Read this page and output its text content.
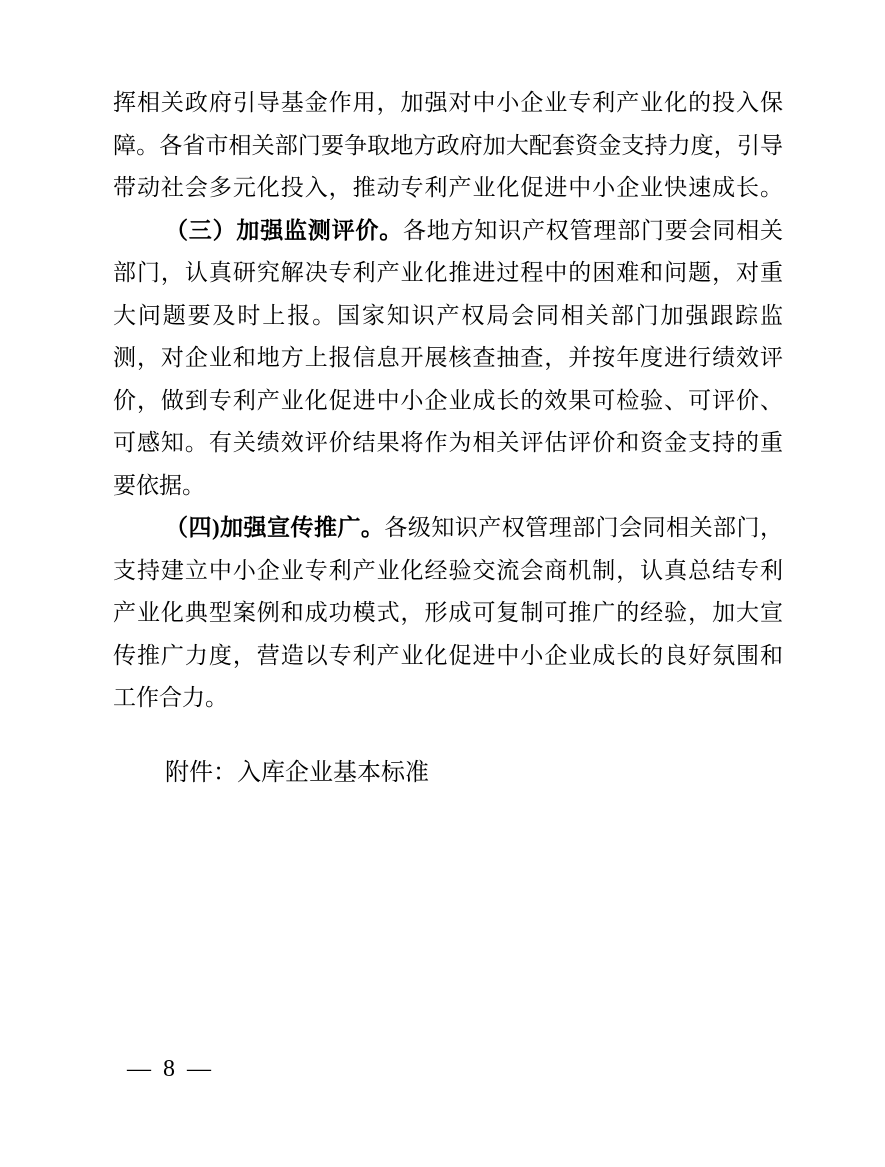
挥相关政府引导基金作用，加强对中小企业专利产业化的投入保
障。各省市相关部门要争取地方政府加大配套资金支持力度，引导
带动社会多元化投入，推动专利产业化促进中小企业快速成长。
（三）加强监测评价。各地方知识产权管理部门要会同相关
部门，认真研究解决专利产业化推进过程中的困难和问题，对重
大问题要及时上报。国家知识产权局会同相关部门加强跟踪监
测，对企业和地方上报信息开展核查抽查，并按年度进行绩效评
价，做到专利产业化促进中小企业成长的效果可检验、可评价、
可感知。有关绩效评价结果将作为相关评估评价和资金支持的重
要依据。
（四)加强宣传推广。各级知识产权管理部门会同相关部门，
支持建立中小企业专利产业化经验交流会商机制，认真总结专利
产业化典型案例和成功模式，形成可复制可推广的经验，加大宣
传推广力度，营造以专利产业化促进中小企业成长的良好氛围和
工作合力。
附件：入库企业基本标准
— 8 —
